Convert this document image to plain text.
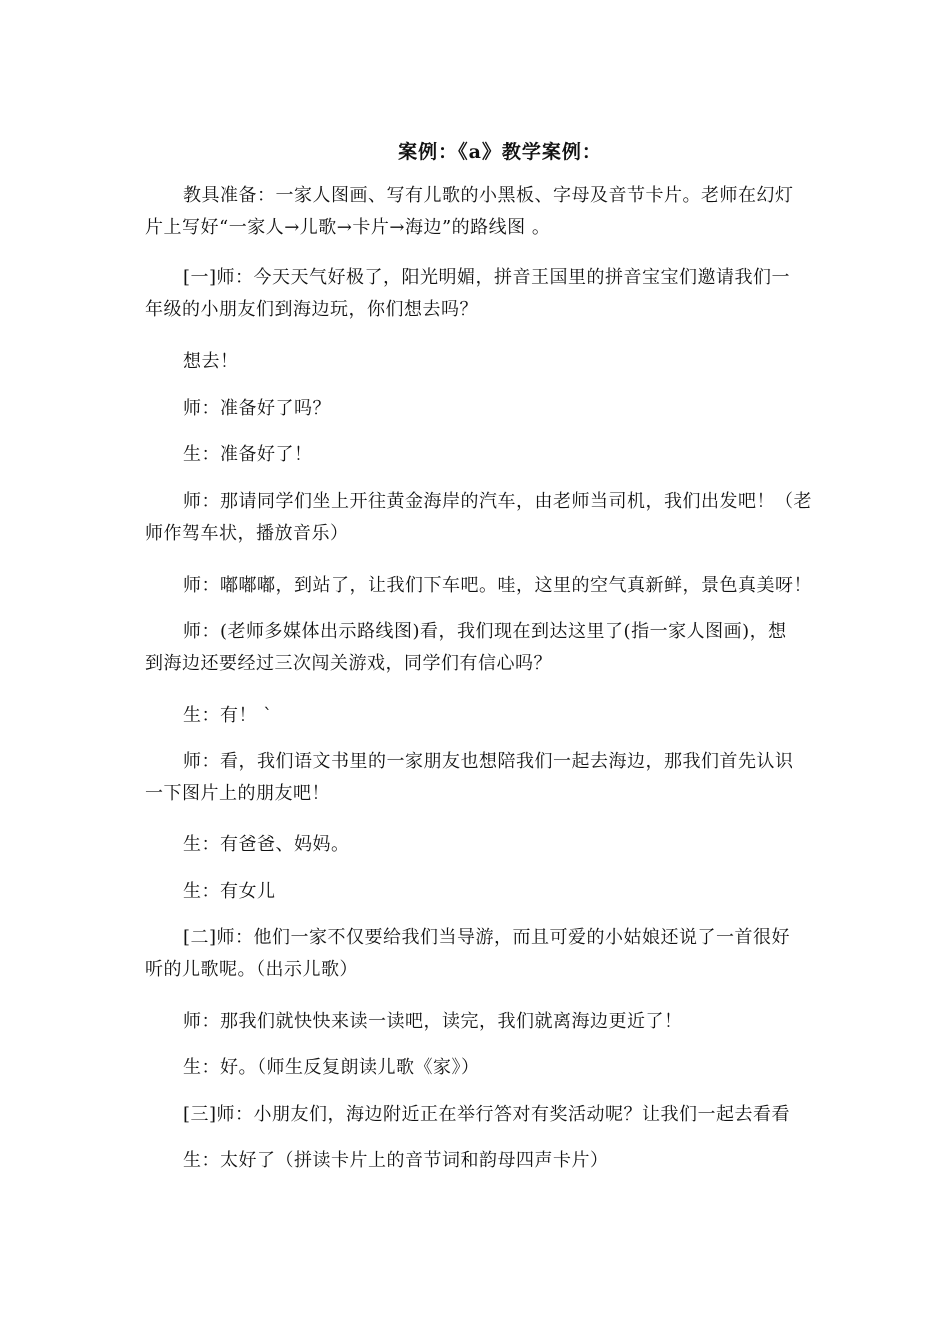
案例：《a》教学案例：
教具准备：一家人图画、写有儿歌的小黑板、字母及音节卡片。老师在幻灯
片上写好“一家人→儿歌→卡片→海边”的路线图 。
[一]师：今天天气好极了，阳光明媚，拼音王国里的拼音宝宝们邀请我们一
年级的小朋友们到海边玩，你们想去吗？
想去！
师：准备好了吗？
生：准备好了！
师：那请同学们坐上开往黄金海岸的汽车，由老师当司机，我们出发吧！（老
师作驾车状，播放音乐）
师：嘟嘟嘟，到站了，让我们下车吧。哇，这里的空气真新鲜，景色真美呀！
师：(老师多媒体出示路线图)看，我们现在到达这里了(指一家人图画)，想
到海边还要经过三次闯关游戏，同学们有信心吗？
生：有！ `
师：看，我们语文书里的一家朋友也想陪我们一起去海边，那我们首先认识
一下图片上的朋友吧！
生：有爸爸、妈妈。
生：有女儿
[二]师：他们一家不仅要给我们当导游，而且可爱的小姑娘还说了一首很好
听的儿歌呢。（出示儿歌）
师：那我们就快快来读一读吧，读完，我们就离海边更近了！
生：好。（师生反复朗读儿歌《家》）
[三]师：小朋友们，海边附近正在举行答对有奖活动呢？让我们一起去看看
生：太好了（拼读卡片上的音节词和韵母四声卡片）
